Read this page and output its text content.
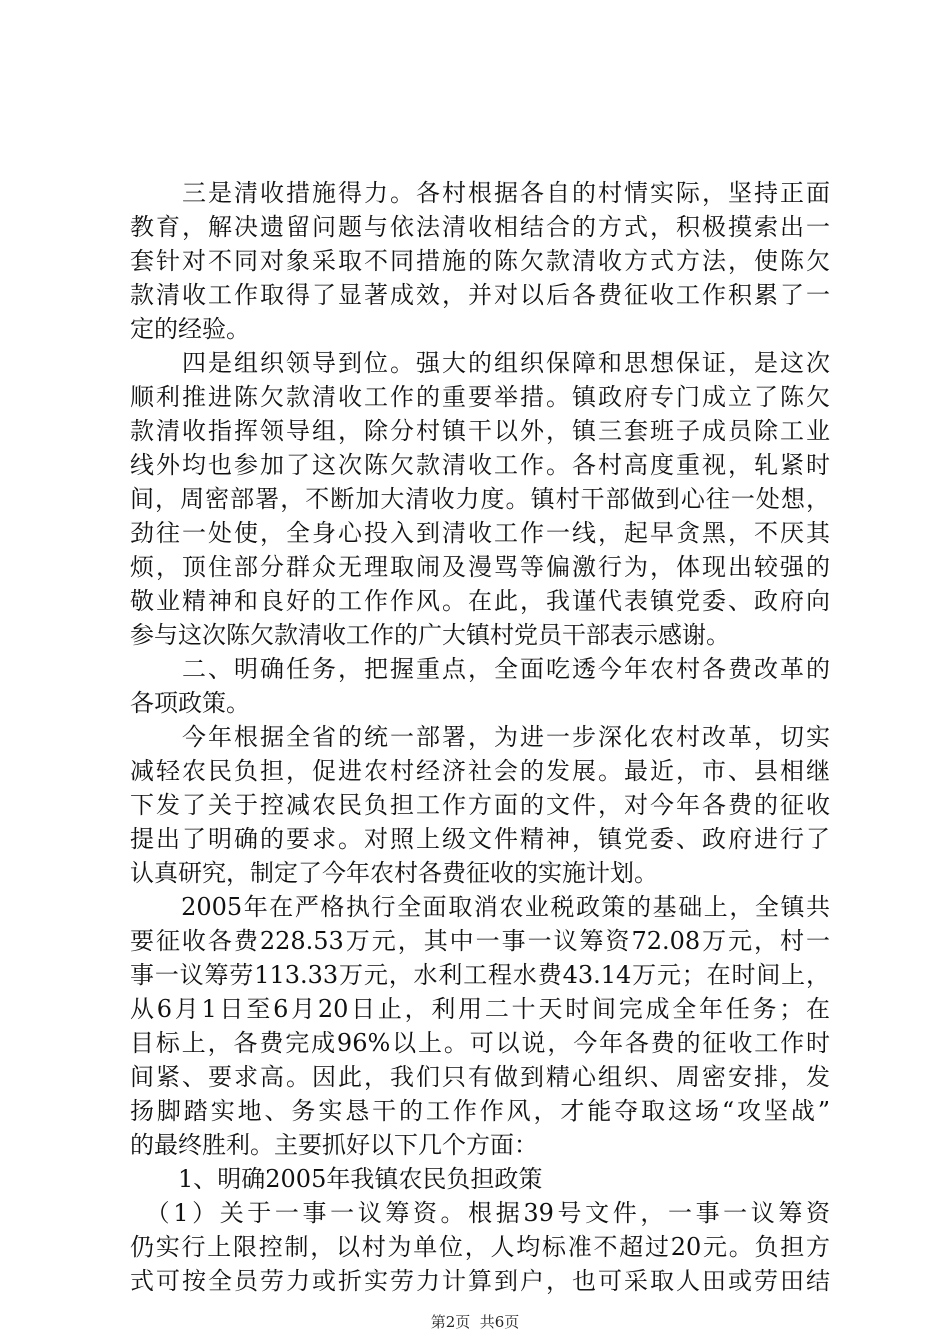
　　三是清收措施得力。各村根据各自的村情实际，坚持正面
教育，解决遗留问题与依法清收相结合的方式，积极摸索出一
套针对不同对象采取不同措施的陈欠款清收方式方法，使陈欠
款清收工作取得了显著成效，并对以后各费征收工作积累了一
定的经验。
　　四是组织领导到位。强大的组织保障和思想保证，是这次
顺利推进陈欠款清收工作的重要举措。镇政府专门成立了陈欠
款清收指挥领导组，除分村镇干以外，镇三套班子成员除工业
线外均也参加了这次陈欠款清收工作。各村高度重视，轧紧时
间，周密部署，不断加大清收力度。镇村干部做到心往一处想，
劲往一处使，全身心投入到清收工作一线，起早贪黑，不厌其
烦，顶住部分群众无理取闹及漫骂等偏激行为，体现出较强的
敬业精神和良好的工作作风。在此，我谨代表镇党委、政府向
参与这次陈欠款清收工作的广大镇村党员干部表示感谢。
　　二、明确任务，把握重点，全面吃透今年农村各费改革的
各项政策。
　　今年根据全省的统一部署，为进一步深化农村改革，切实
减轻农民负担，促进农村经济社会的发展。最近，市、县相继
下发了关于控减农民负担工作方面的文件，对今年各费的征收
提出了明确的要求。对照上级文件精神，镇党委、政府进行了
认真研究，制定了今年农村各费征收的实施计划。
　　2005年在严格执行全面取消农业税政策的基础上，全镇共
要征收各费228.53万元，其中一事一议筹资72.08万元，村一
事一议筹劳113.33万元，水利工程水费43.14万元；在时间上，
从6月1日至6月20日止，利用二十天时间完成全年任务；在
目标上，各费完成96%以上。可以说，今年各费的征收工作时
间紧、要求高。因此，我们只有做到精心组织、周密安排，发
扬脚踏实地、务实恳干的工作作风，才能夺取这场“攻坚战”
的最终胜利。主要抓好以下几个方面：
　　1、明确2005年我镇农民负担政策
　（1）关于一事一议筹资。根据39号文件，一事一议筹资
仍实行上限控制，以村为单位，人均标准不超过20元。负担方
式可按全员劳力或折实劳力计算到户，也可采取人田或劳田结
第2页  共6页
